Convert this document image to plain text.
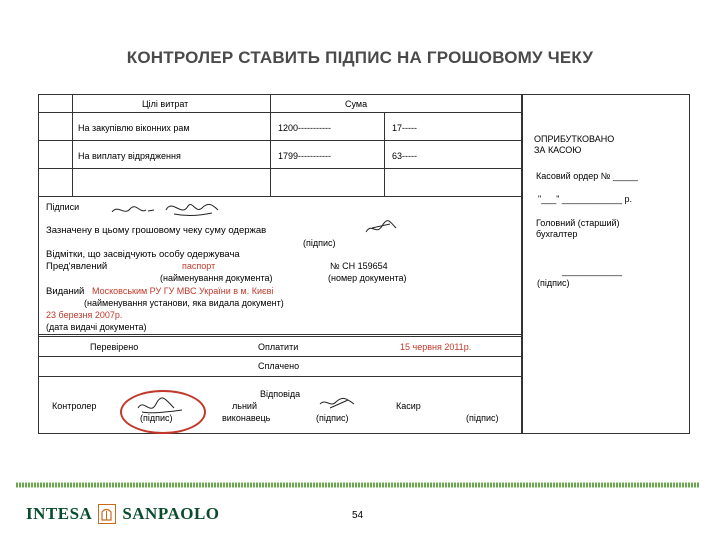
КОНТРОЛЕР СТАВИТЬ ПІДПИС НА ГРОШОВОМУ ЧЕКУ
Цілі витрат	Сума
На закупівлю віконних рам	1200-----------	17-----
На виплату відрядження	1799-----------	63-----
ОПРИБУТКОВАНО
ЗА КАСОЮ
Касовий ордер № _____
"___" ____________ р.
Головний (старший)
бухгалтер
____________
(підпис)
Підписи
Зазначену в цьому грошовому чеку суму одержав
(підпис)
Відмітки, що засвідчують особу одержувача
Пред'явлений	паспорт	№ СН 159654
(найменування документа)	(номер документа)
Виданий Московським РУ ГУ МВС України в м. Києві
(найменування установи, яка видала документ)
23 березня 2007р.
(дата видачі документа)
Перевірено	Оплатити	15 червня 2011р.
Сплачено
Контролер
Відповіда
льний
виконавець
(підпис)	(підпис)
Касир
(підпис)
INTESA SANPAOLO	54
